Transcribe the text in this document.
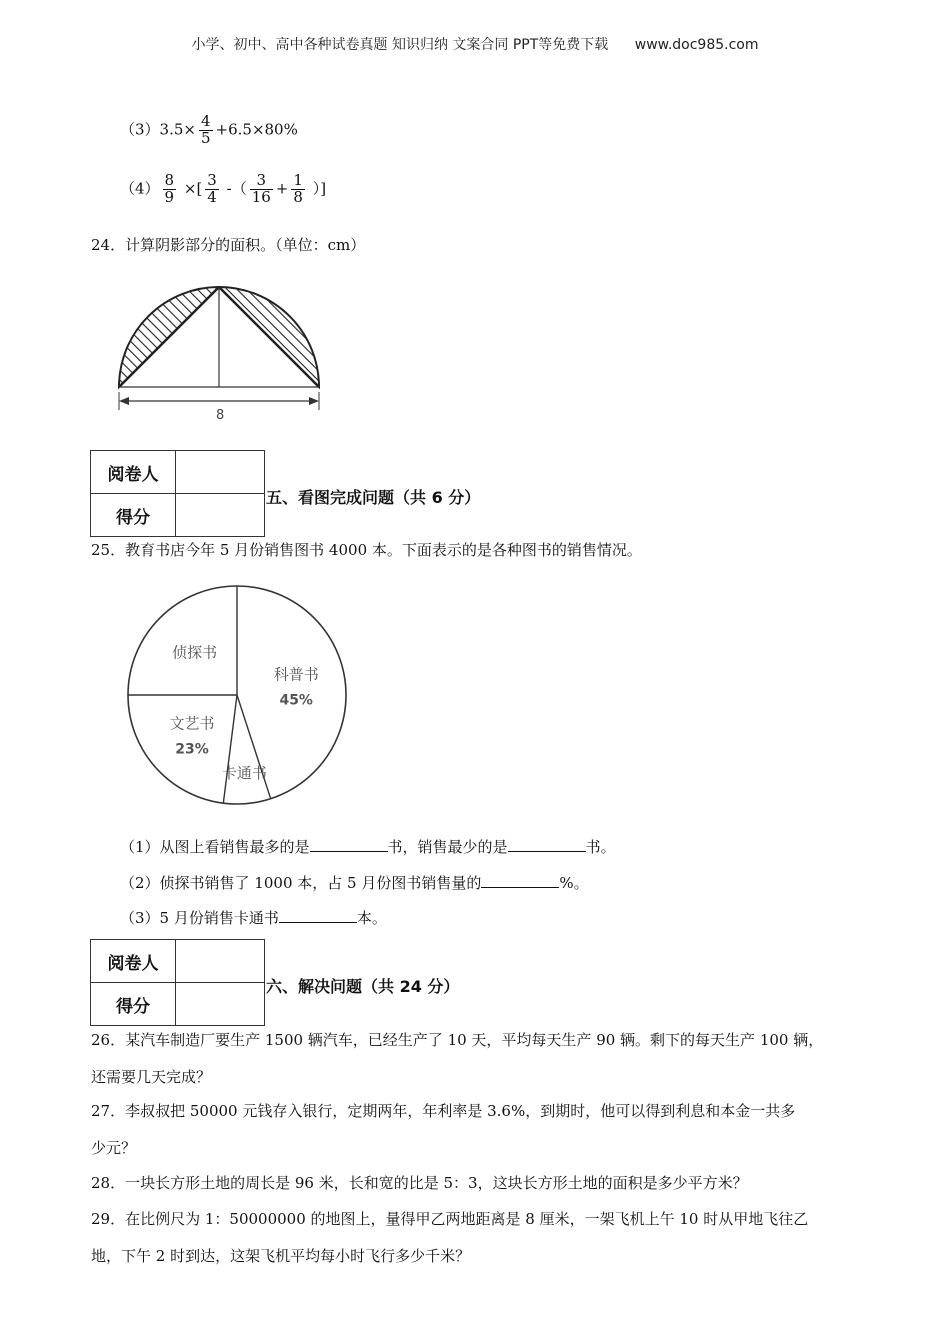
小学、初中、高中各种试卷真题 知识归纳 文案合同 PPT等免费下载 www.doc985.com
$(3)3.5\times \frac{4}{5} +6.5\times 80\%$
$(4) \frac{8}{9}$ ×[ $\frac{3}{4}$ -（ $\frac{3}{16} + \frac{1}{8}$ ）]
24．计算阴影部分的面积。（单位：cm）
8
阅卷人	
得分	
五、看图完成问题（共 6 分）
25．教育书店今年 5 月份销售图书 4000 本。下面表示的是各种图书的销售情况。
科普书
45%
卡通书
文艺书
23%
侦探书
（1）从图上看销售最多的是	书，销售最少的是	书。
（2）侦探书销售了 1000 本，占 5 月份图书销售量的	%。
（3）5 月份销售卡通书	本。
阅卷人	
得分	
六、解决问题（共 24 分）
26．某汽车制造厂要生产 1500 辆汽车，已经生产了 10 天，平均每天生产 90 辆。剩下的每天生产 100 辆，
还需要几天完成？
27．李叔叔把 50000 元钱存入银行，定期两年，年利率是 3.6%，到期时，他可以得到利息和本金一共多
少元？
28．一块长方形土地的周长是 96 米，长和宽的比是 5：3，这块长方形土地的面积是多少平方米？
29．在比例尺为 1：50000000 的地图上，量得甲乙两地距离是 8 厘米，一架飞机上午 10 时从甲地飞往乙
地，下午 2 时到达，这架飞机平均每小时飞行多少千米？
